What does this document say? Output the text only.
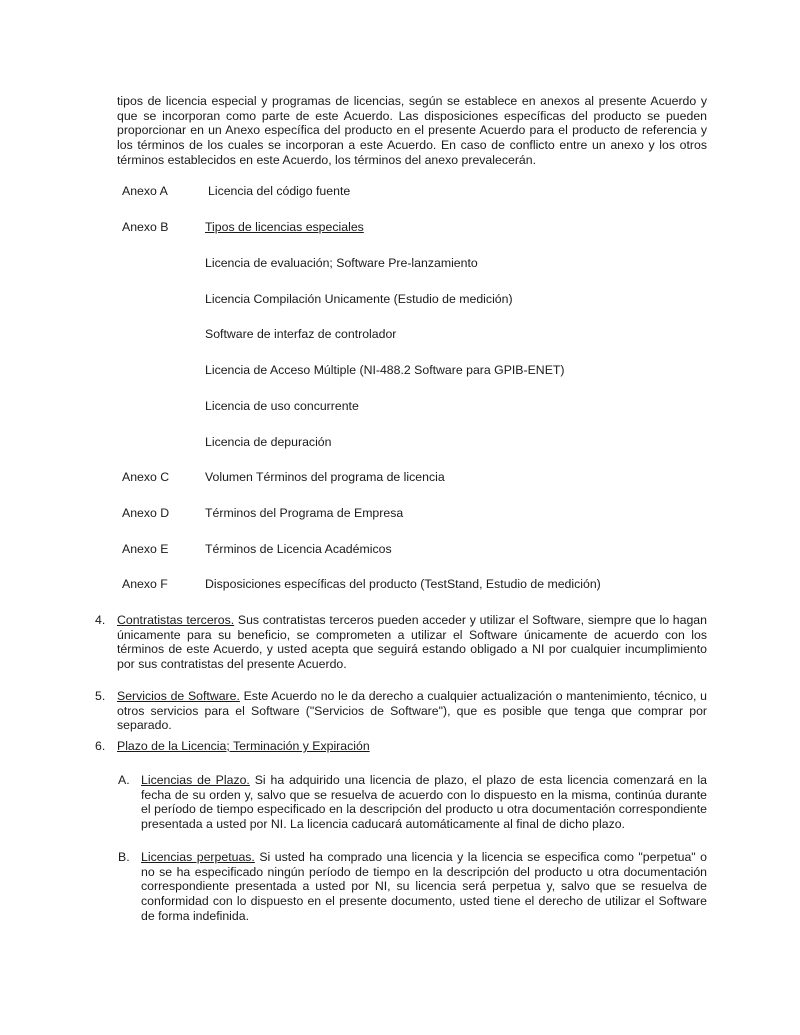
tipos de licencia especial y programas de licencias, según se establece en anexos al presente Acuerdo y que se incorporan como parte de este Acuerdo. Las disposiciones específicas del producto se pueden proporcionar en un Anexo específica del producto en el presente Acuerdo para el producto de referencia y los términos de los cuales se incorporan a este Acuerdo. En caso de conflicto entre un anexo y los otros términos establecidos en este Acuerdo, los términos del anexo prevalecerán.

Anexo A	Licencia del código fuente
Anexo B	Tipos de licencias especiales
Licencia de evaluación; Software Pre-lanzamiento
Licencia Compilación Unicamente (Estudio de medición)
Software de interfaz de controlador
Licencia de Acceso Múltiple (NI-488.2 Software para GPIB-ENET)
Licencia de uso concurrente
Licencia de depuración
Anexo C	Volumen Términos del programa de licencia
Anexo D	Términos del Programa de Empresa
Anexo E	Términos de Licencia Académicos
Anexo F	Disposiciones específicas del producto (TestStand, Estudio de medición)
4. Contratistas terceros. Sus contratistas terceros pueden acceder y utilizar el Software, siempre que lo hagan únicamente para su beneficio, se comprometen a utilizar el Software únicamente de acuerdo con los términos de este Acuerdo, y usted acepta que seguirá estando obligado a NI por cualquier incumplimiento por sus contratistas del presente Acuerdo.

5. Servicios de Software. Este Acuerdo no le da derecho a cualquier actualización o mantenimiento, técnico, u otros servicios para el Software ("Servicios de Software"), que es posible que tenga que comprar por separado.

6. Plazo de la Licencia; Terminación y Expiración

A. Licencias de Plazo. Si ha adquirido una licencia de plazo, el plazo de esta licencia comenzará en la fecha de su orden y, salvo que se resuelva de acuerdo con lo dispuesto en la misma, continúa durante el período de tiempo especificado en la descripción del producto u otra documentación correspondiente presentada a usted por NI. La licencia caducará automáticamente al final de dicho plazo.

B. Licencias perpetuas. Si usted ha comprado una licencia y la licencia se especifica como "perpetua" o no se ha especificado ningún período de tiempo en la descripción del producto u otra documentación correspondiente presentada a usted por NI, su licencia será perpetua y, salvo que se resuelva de conformidad con lo dispuesto en el presente documento, usted tiene el derecho de utilizar el Software de forma indefinida.
